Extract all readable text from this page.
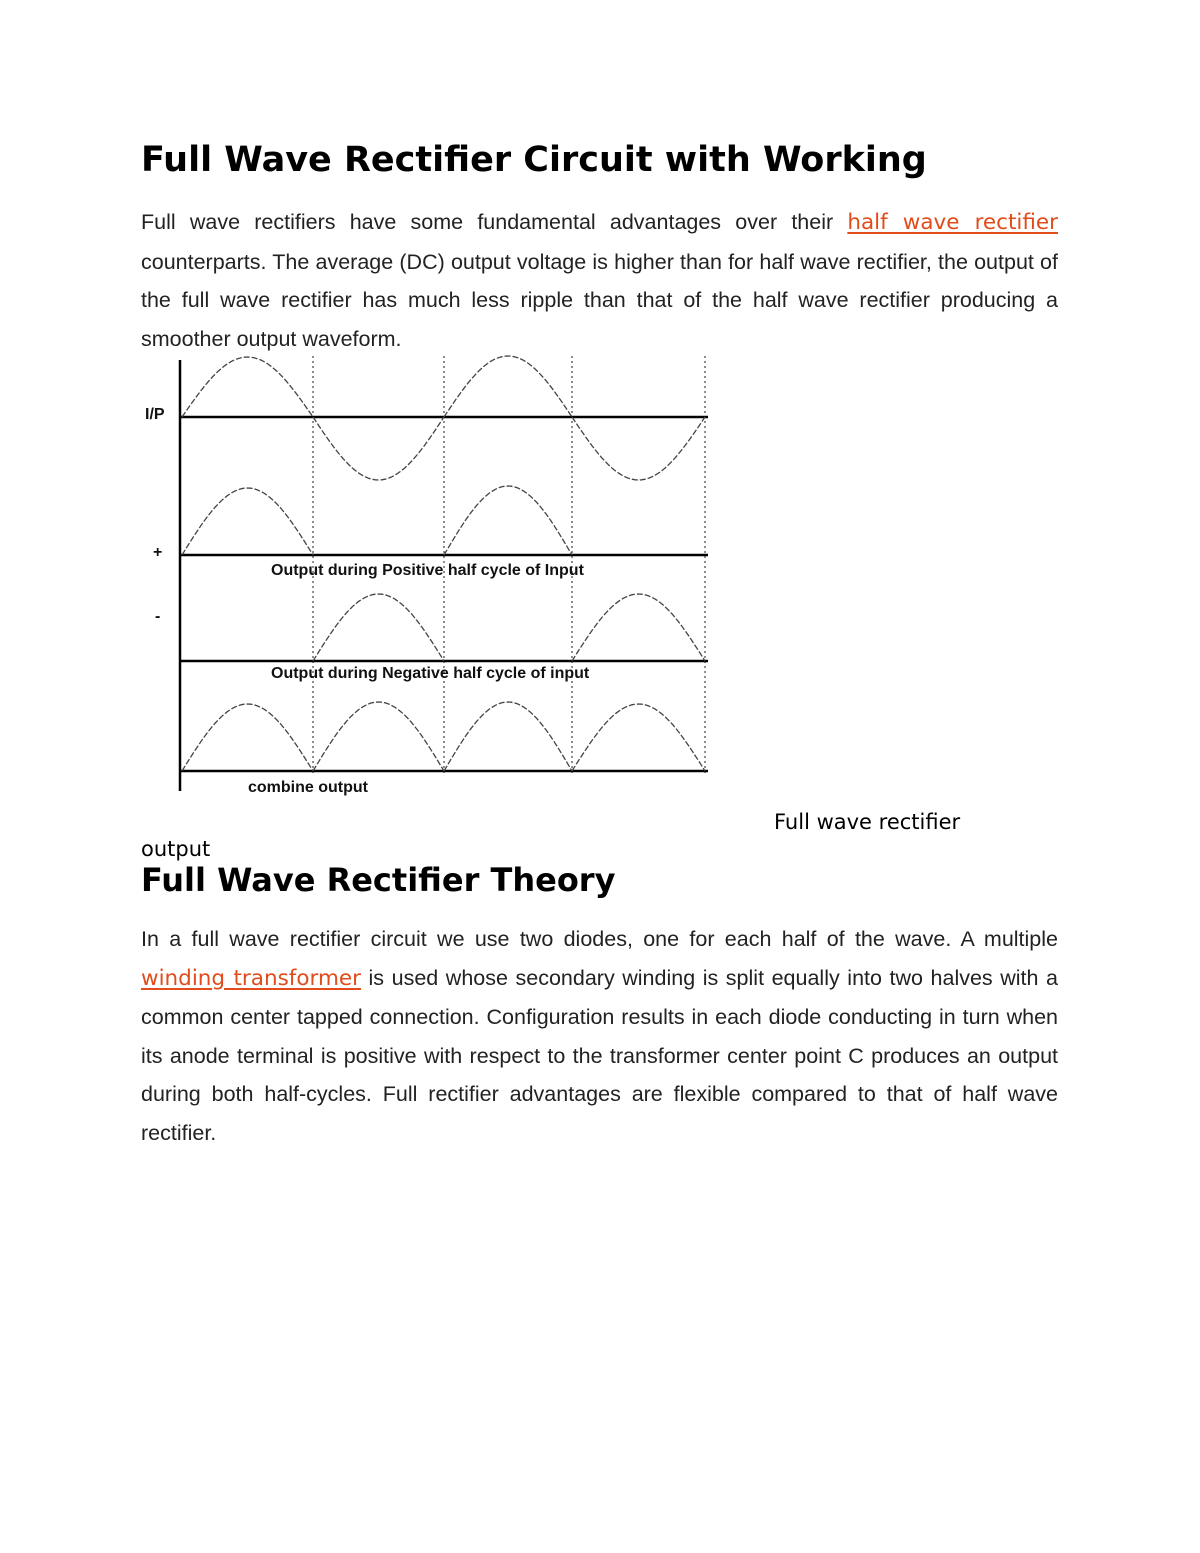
Full Wave Rectifier Circuit with Working

Full wave rectifiers have some fundamental advantages over their half wave rectifier counterparts. The average (DC) output voltage is higher than for half wave rectifier, the output of the full wave rectifier has much less ripple than that of the half wave rectifier producing a smoother output waveform.

I/P
+
-
Output during Positive half cycle of Input
Output during Negative half cycle of input
combine output

Full wave rectifier

output

Full Wave Rectifier Theory

In a full wave rectifier circuit we use two diodes, one for each half of the wave. A multiple winding transformer is used whose secondary winding is split equally into two halves with a common center tapped connection. Configuration results in each diode conducting in turn when its anode terminal is positive with respect to the transformer center point C produces an output during both half-cycles. Full rectifier advantages are flexible compared to that of half wave rectifier.
